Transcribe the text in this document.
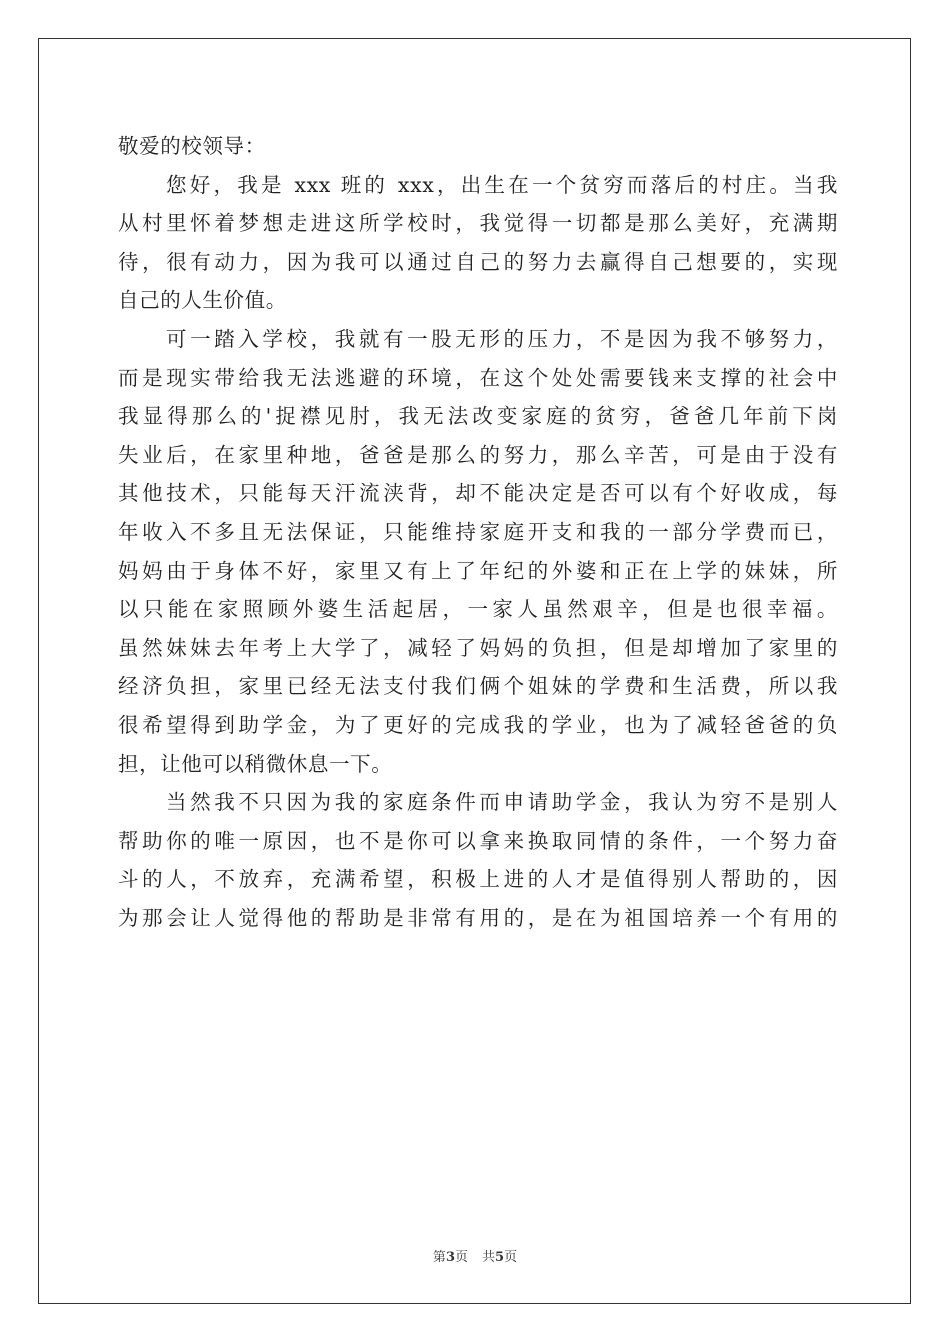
敬爱的校领导：

您好，我是 xxx 班的 xxx，出生在一个贫穷而落后的村庄。当我
从村里怀着梦想走进这所学校时，我觉得一切都是那么美好，充满期
待，很有动力，因为我可以通过自己的努力去赢得自己想要的，实现
自己的人生价值。
可一踏入学校，我就有一股无形的压力，不是因为我不够努力，
而是现实带给我无法逃避的环境，在这个处处需要钱来支撑的社会中
我显得那么的'捉襟见肘，我无法改变家庭的贫穷，爸爸几年前下岗
失业后，在家里种地，爸爸是那么的努力，那么辛苦，可是由于没有
其他技术，只能每天汗流浃背，却不能决定是否可以有个好收成，每
年收入不多且无法保证，只能维持家庭开支和我的一部分学费而已，
妈妈由于身体不好，家里又有上了年纪的外婆和正在上学的妹妹，所
以只能在家照顾外婆生活起居，一家人虽然艰辛，但是也很幸福。
虽然妹妹去年考上大学了，减轻了妈妈的负担，但是却增加了家里的
经济负担，家里已经无法支付我们俩个姐妹的学费和生活费，所以我
很希望得到助学金，为了更好的完成我的学业，也为了减轻爸爸的负
担，让他可以稍微休息一下。
当然我不只因为我的家庭条件而申请助学金，我认为穷不是别人
帮助你的唯一原因，也不是你可以拿来换取同情的条件，一个努力奋
斗的人，不放弃，充满希望，积极上进的人才是值得别人帮助的，因
为那会让人觉得他的帮助是非常有用的，是在为祖国培养一个有用的
第3页 共5页
